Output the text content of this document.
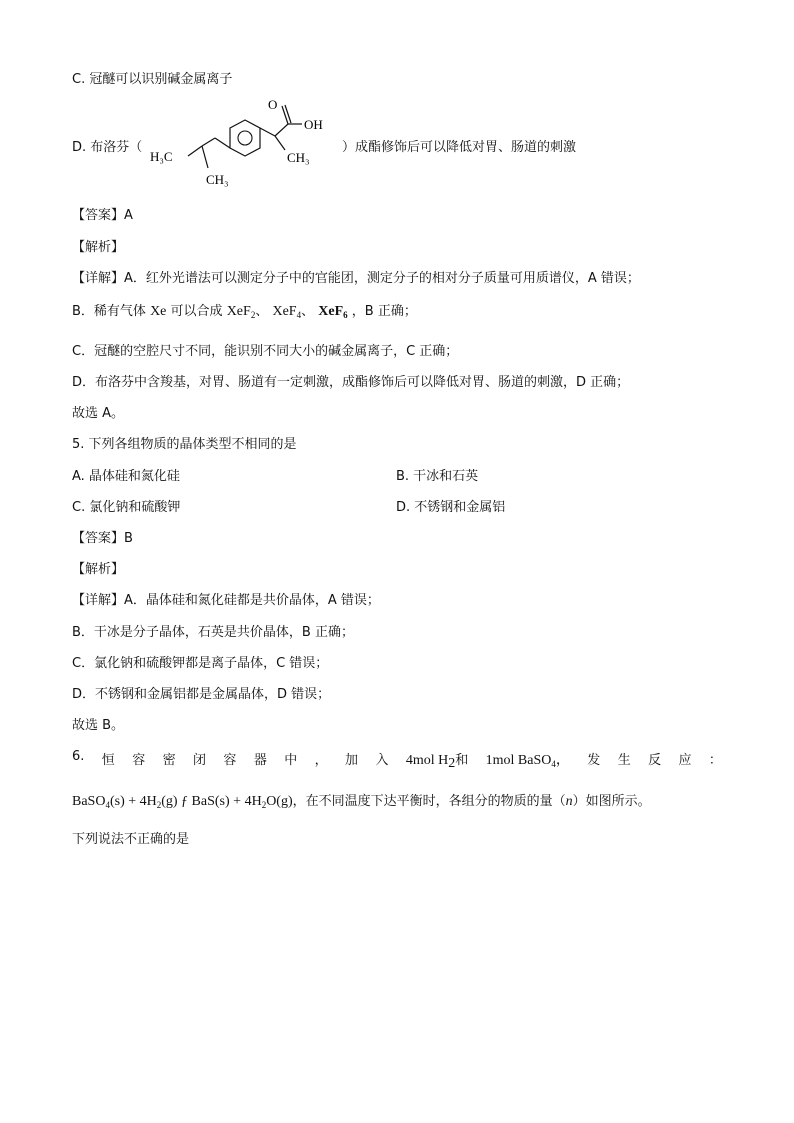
C. 冠醚可以识别碱金属离子
D. 布洛芬（
O
OH
H₃C	CH₃
CH₃
）成酯修饰后可以降低对胃、肠道的刺激
【答案】A
【解析】
【详解】A．红外光谱法可以测定分子中的官能团，测定分子的相对分子质量可用质谱仪，A 错误；
B．稀有气体 Xe 可以合成 XeF$_2$、 XeF$_4$、 XeF$_6$ ，B 正确；
C．冠醚的空腔尺寸不同，能识别不同大小的碱金属离子，C 正确；
D．布洛芬中含羧基，对胃、肠道有一定刺激，成酯修饰后可以降低对胃、肠道的刺激，D 正确；
故选 A。
5. 下列各组物质的晶体类型不相同的是
A. 晶体硅和氮化硅	B. 干冰和石英
C. 氯化钠和硫酸钾	D. 不锈钢和金属铝
【答案】B
【解析】
【详解】A．晶体硅和氮化硅都是共价晶体，A 错误；
B．干冰是分子晶体，石英是共价晶体，B 正确；
C．氯化钠和硫酸钾都是离子晶体，C 错误；
D．不锈钢和金属铝都是金属晶体，D 错误；
故选 B。
6. 恒 容 密 闭 容 器 中 ， 加 入 4mol $H_2$和 1mol BaSO$_4$， 发 生 反 应 ：
BaSO$_4$(s) + $4H_2(g)$ ƒ $BaS(s) + 4H_2O(g)$，在不同温度下达平衡时，各组分的物质的量（n）如图所示。
下列说法不正确的是
